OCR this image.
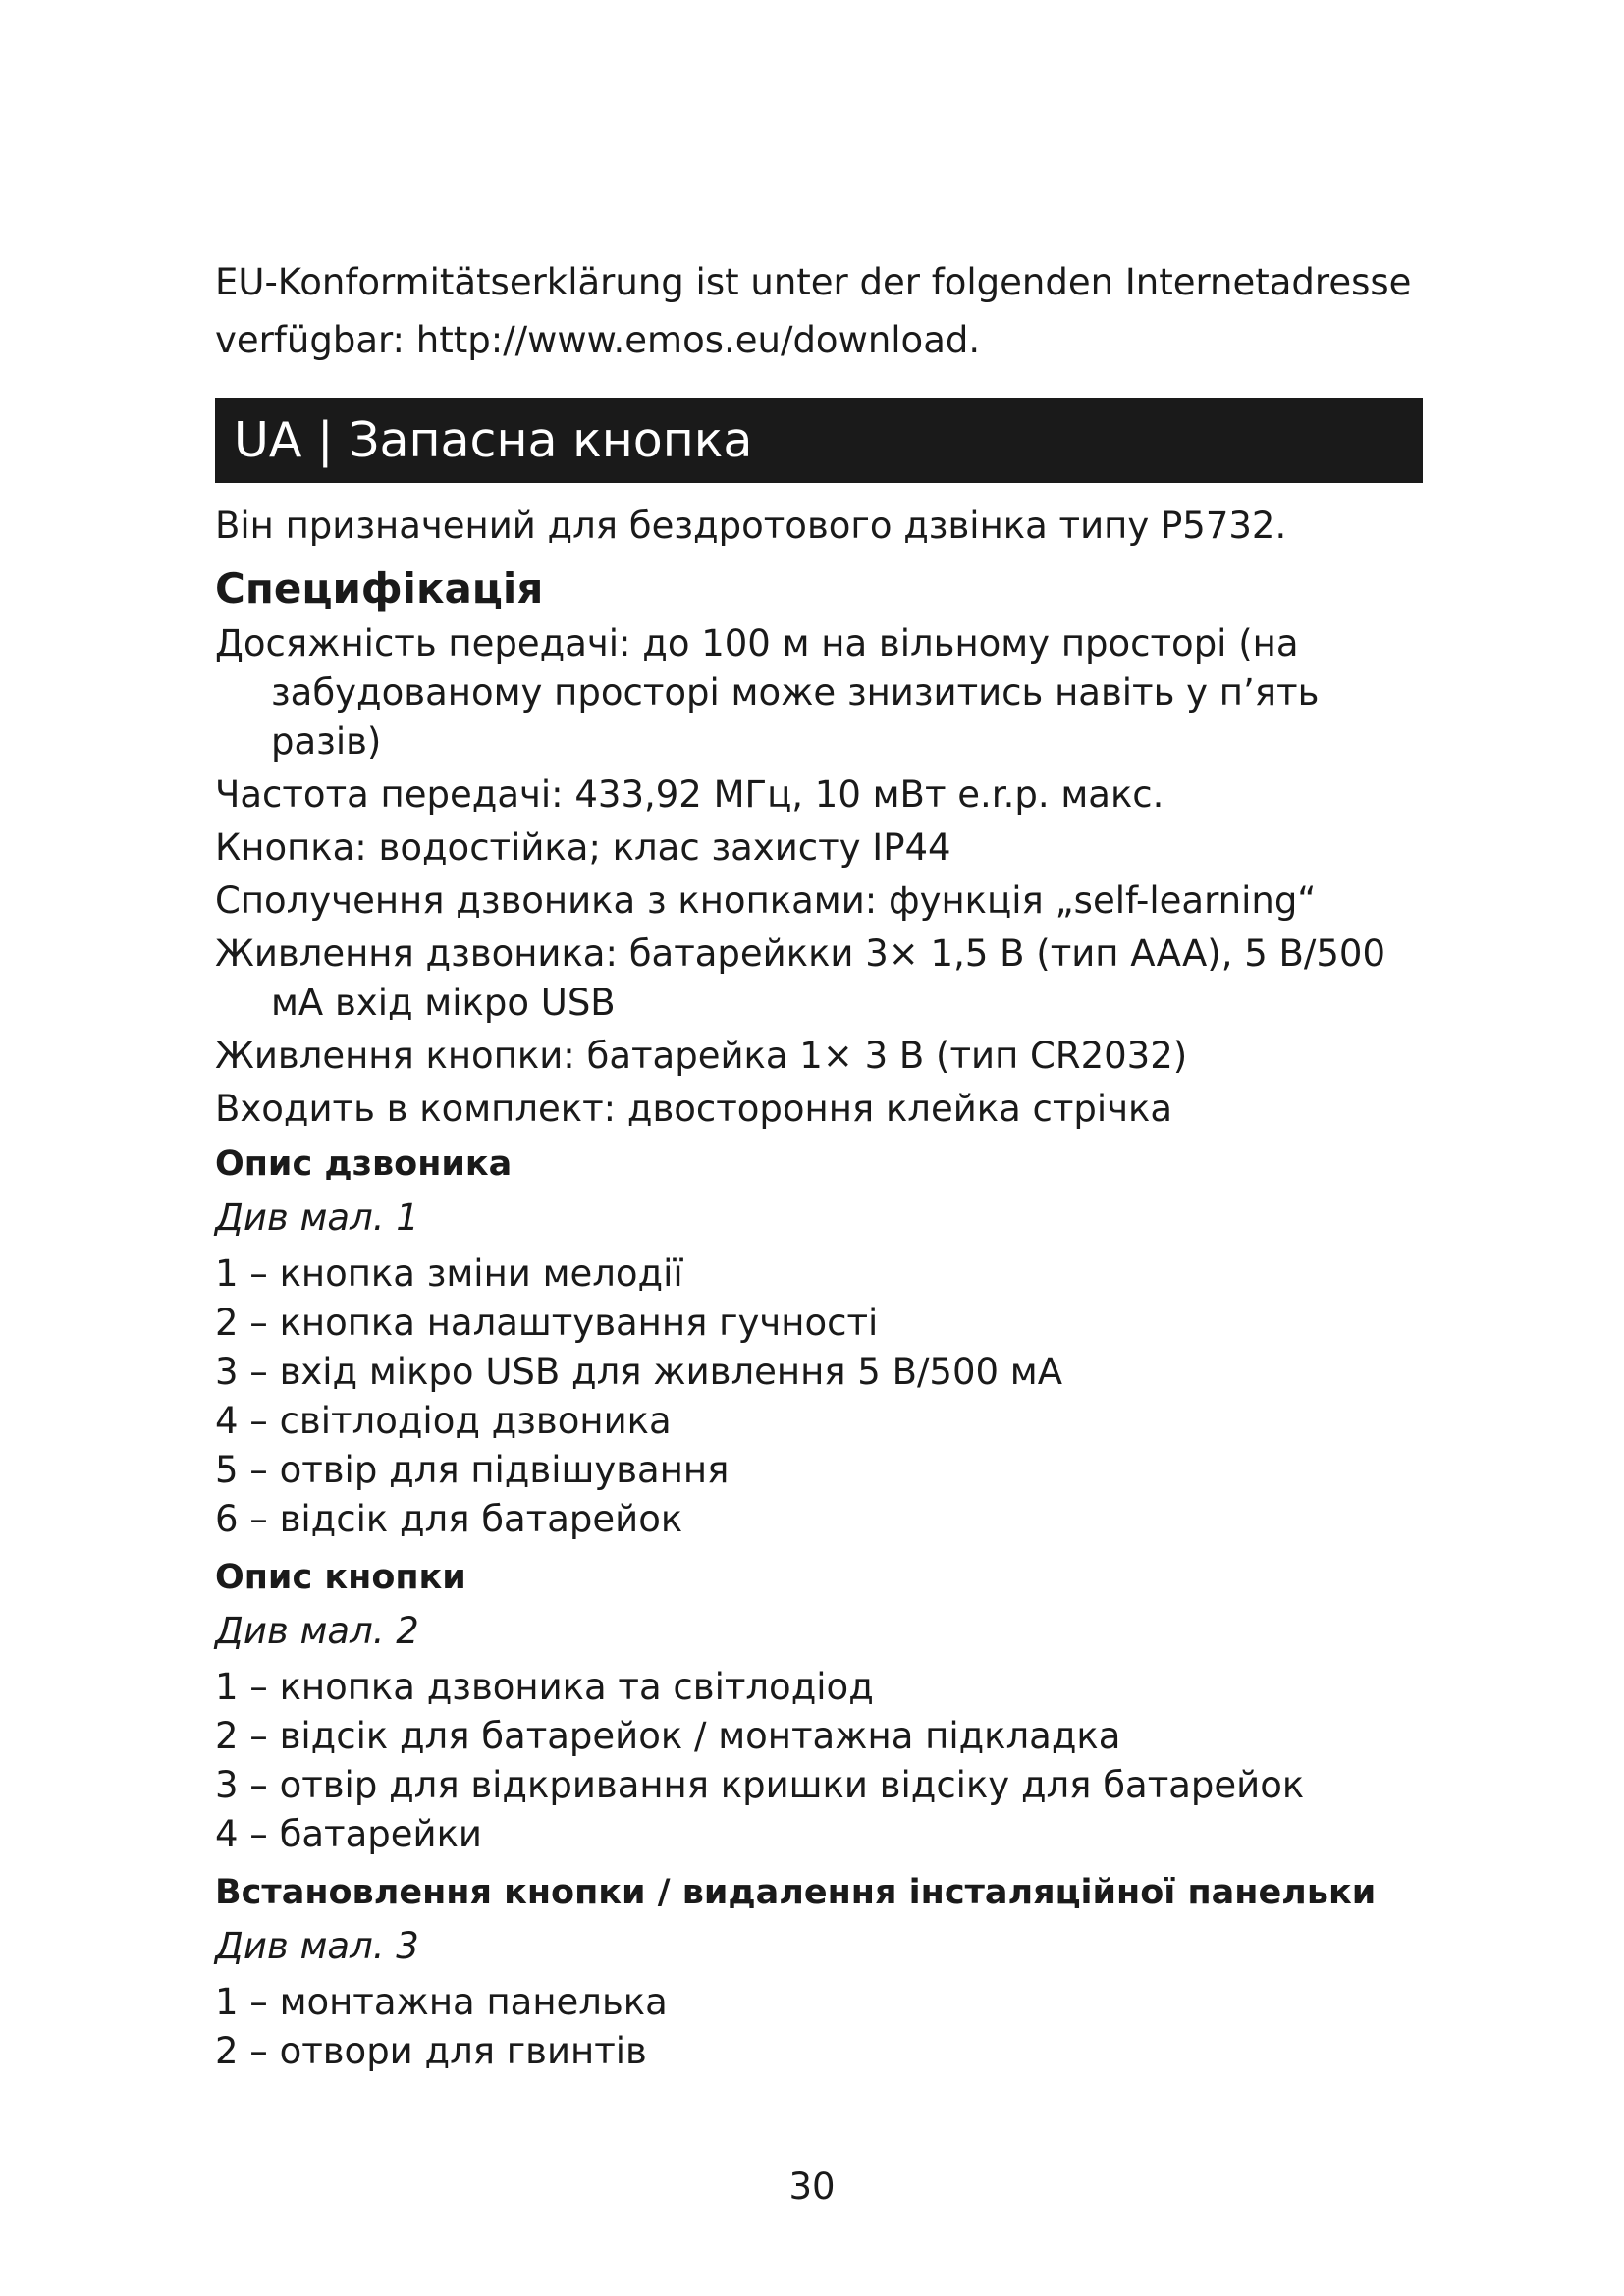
EU-Konformitätserklärung ist unter der folgenden Internetadresse

verfügbar: http://www.emos.eu/download.

UA | Запасна кнопка

Він призначений для бездротового дзвінка типу P5732.

Специфікація

Досяжність передачі: до 100 м на вільному просторі (на забудованому просторі може знизитись навіть у п’ять разів)

Частота передачі: 433,92 МГц, 10 мВт e.r.p. макс.

Кнопка: водостійка; клас захисту IP44

Сполучення дзвоника з кнопками: функція „self-learning“

Живлення дзвоника: батарейкки 3× 1,5 В (тип AAA), 5 В/500 мА вхід мікро USB

Живлення кнопки: батарейка 1× 3 В (тип CR2032)

Входить в комплект: двостороння клейка стрічка

Опис дзвоника
Див мал. 1

1 – кнопка зміни мелодії

2 – кнопка налаштування гучності

3 – вхід мікро USB для живлення 5 В/500 мА

4 – світлодіод дзвоника

5 – отвір для підвішування

6 – відсік для батарейок

Опис кнопки
Див мал. 2

1 – кнопка дзвоника та світлодіод

2 – відсік для батарейок / монтажна підкладка

3 – отвір для відкривання кришки відсіку для батарейок

4 – батарейки

Встановлення кнопки / видалення інсталяційної панельки
Див мал. 3

1 – монтажна панелька

2 – отвори для гвинтів

30
